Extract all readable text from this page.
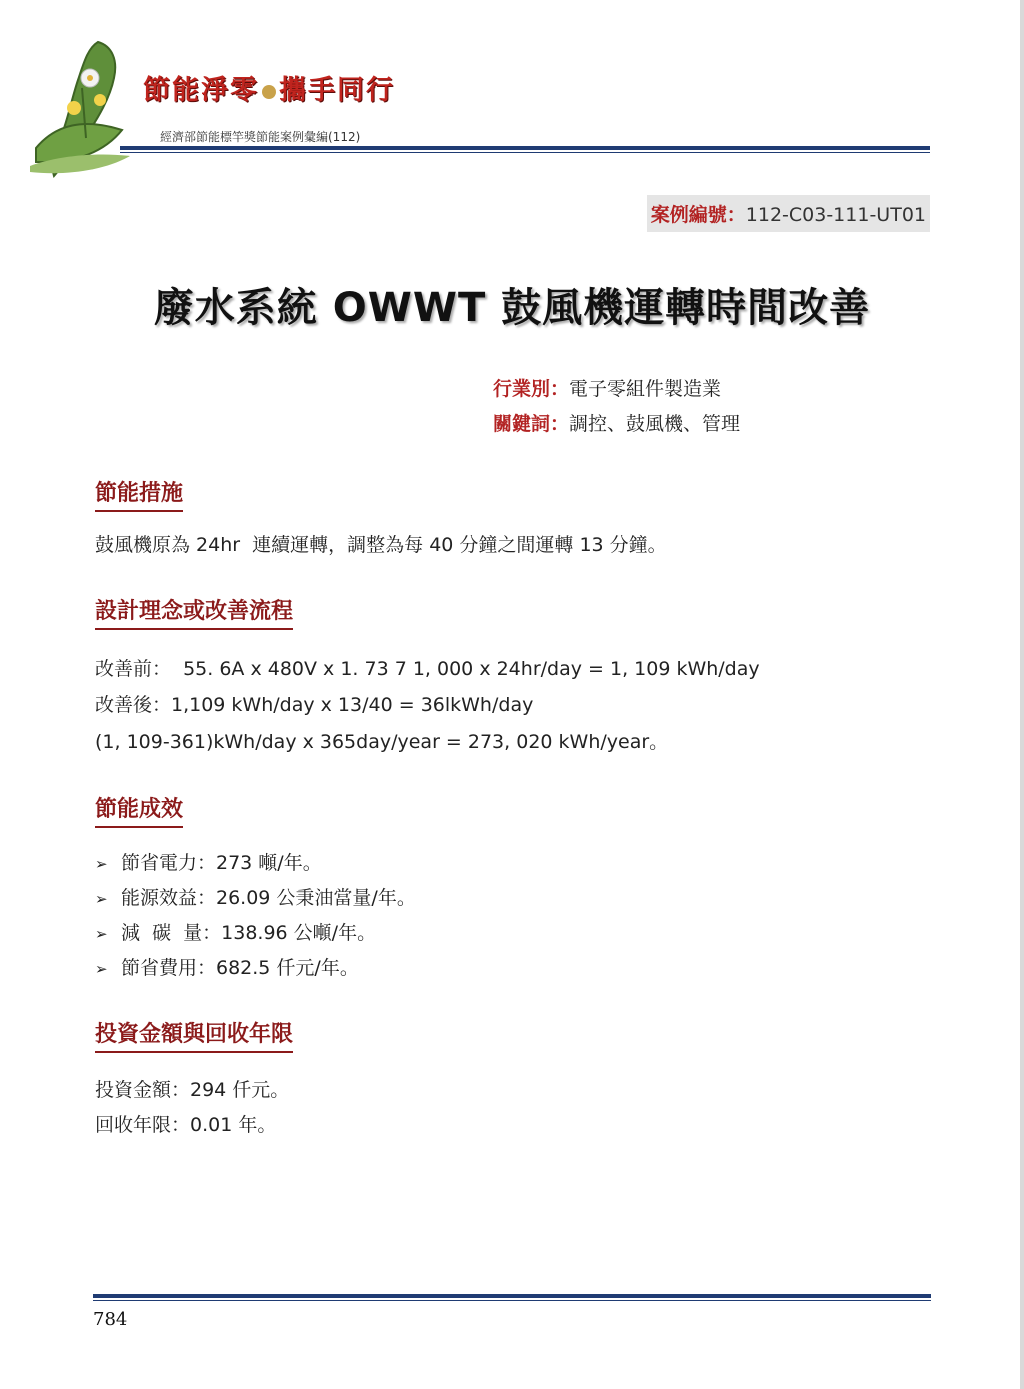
節能淨零 攜手同行
經濟部節能標竿獎節能案例彙編(112)
案例編號：112-C03-111-UT01
廢水系統 OWWT 鼓風機運轉時間改善
行業別：電子零組件製造業
關鍵詞：調控、鼓風機、管理
節能措施
鼓風機原為 24hr  連續運轉，調整為每 40 分鐘之間運轉 13 分鐘。
設計理念或改善流程
改善前：  55. 6A x 480V x 1. 73 7 1, 000 x 24hr/day = 1, 109 kWh/day
改善後：1,109 kWh/day x 13/40 = 36lkWh/day
(1, 109-361)kWh/day x 365day/year = 273, 020 kWh/year。
節能成效
➢ 節省電力：273 噸/年。
➢ 能源效益：26.09 公秉油當量/年。
➢ 減  碳  量：138.96 公噸/年。
➢ 節省費用：682.5 仟元/年。
投資金額與回收年限
投資金額：294 仟元。
回收年限：0.01 年。
784
